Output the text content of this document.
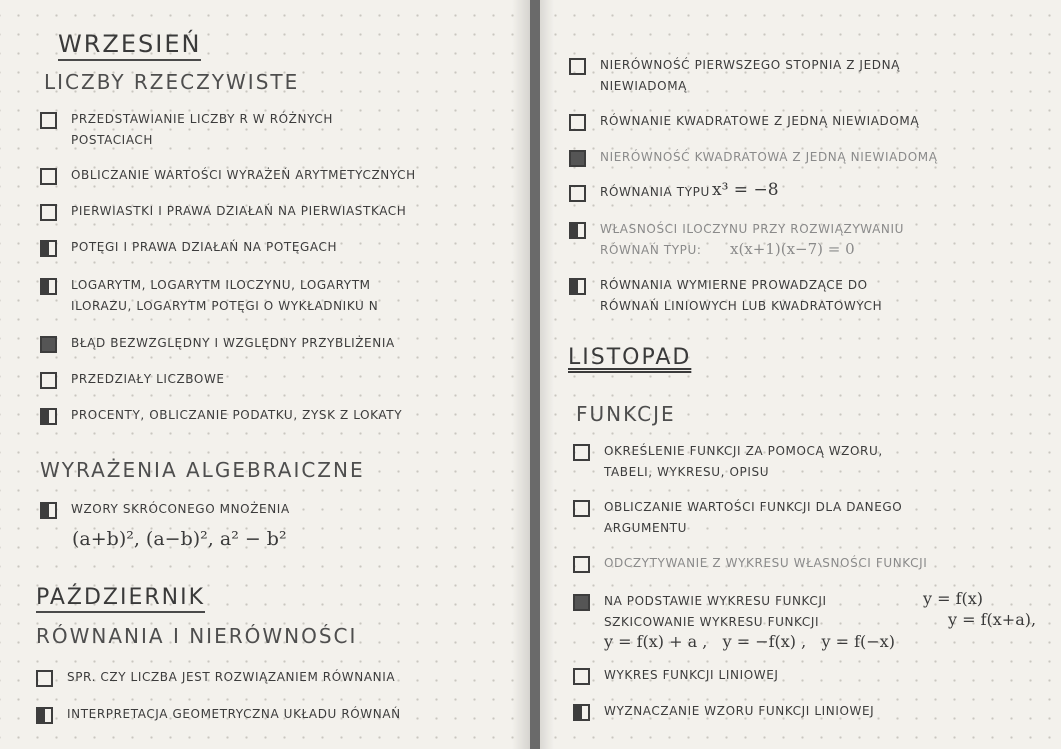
WRZESIEŃ
LICZBY RZECZYWISTE
PRZEDSTAWIANIE LICZBY R W RÓŻNYCH
POSTACIACH
OBLICZANIE WARTOŚCI WYRAŻEŃ ARYTMETYCZNYCH
PIERWIASTKI I PRAWA DZIAŁAŃ NA PIERWIASTKACH
POTĘGI I PRAWA DZIAŁAŃ NA POTĘGACH
LOGARYTM, LOGARYTM ILOCZYNU, LOGARYTM
ILORAZU, LOGARYTM POTĘGI O WYKŁADNIKU N
BŁĄD BEZWZGLĘDNY I WZGLĘDNY PRZYBLIŻENIA
PRZEDZIAŁY LICZBOWE
PROCENTY, OBLICZANIE PODATKU, ZYSK Z LOKATY
WYRAŻENIA ALGEBRAICZNE
WZORY SKRÓCONEGO MNOŻENIA
(a+b)², (a−b)², a² − b²
PAŹDZIERNIK
RÓWNANIA I NIERÓWNOŚCI
SPR. CZY LICZBA JEST ROZWIĄZANIEM RÓWNANIA
INTERPRETACJA GEOMETRYCZNA UKŁADU RÓWNAŃ
NIERÓWNOŚĆ PIERWSZEGO STOPNIA Z JEDNĄ
NIEWIADOMĄ
RÓWNANIE KWADRATOWE Z JEDNĄ NIEWIADOMĄ
NIERÓWNOŚĆ KWADRATOWA Z JEDNĄ NIEWIADOMĄ
RÓWNANIA TYPU x³ = −8
WŁASNOŚCI ILOCZYNU PRZY ROZWIĄZYWANIU
RÓWNAŃ TYPU:	x(x+1)(x−7) = 0
RÓWNANIA WYMIERNE PROWADZĄCE DO
RÓWNAŃ LINIOWYCH LUB KWADRATOWYCH
LISTOPAD
FUNKCJE
OKREŚLENIE FUNKCJI ZA POMOCĄ WZORU,
TABELI, WYKRESU, OPISU
OBLICZANIE WARTOŚCI FUNKCJI DLA DANEGO
ARGUMENTU
ODCZYTYWANIE Z WYKRESU WŁASNOŚCI FUNKCJI
NA PODSTAWIE WYKRESU FUNKCJI
SZKICOWANIE WYKRESU FUNKCJI
y = f(x)
y = f(x+a),
y = f(x) + a ,   y = −f(x) ,   y = f(−x)
WYKRES FUNKCJI LINIOWEJ
WYZNACZANIE WZORU FUNKCJI LINIOWEJ
